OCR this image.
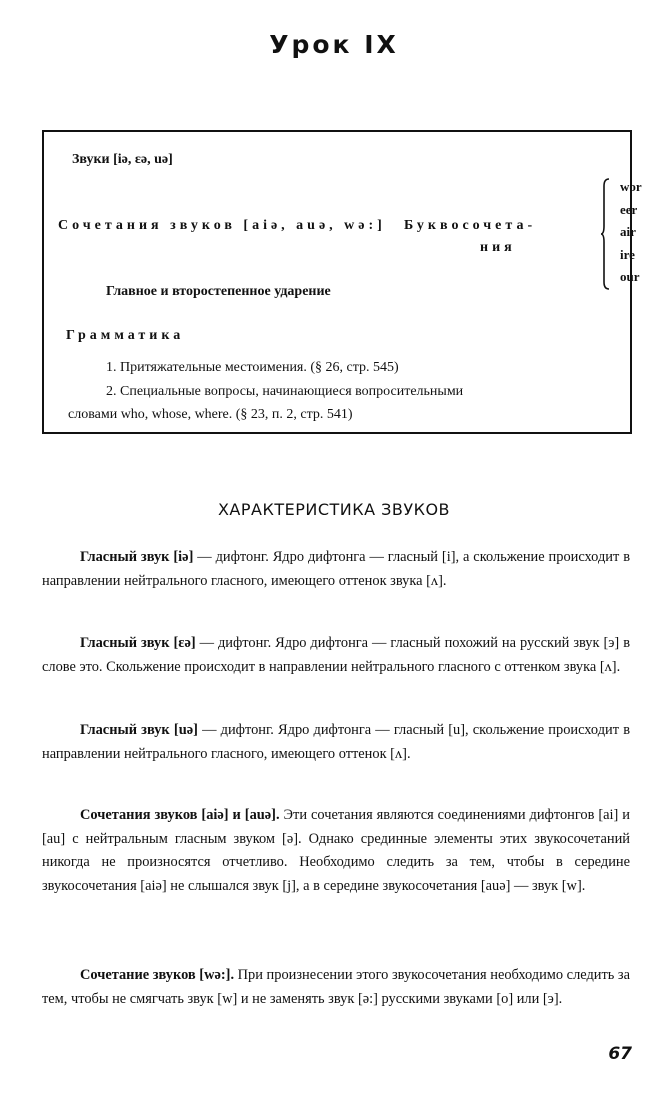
Урок IX
Звуки [iə, ɛə, uə]
Сочетания звуков [aiə, auə, wə:] Буквосочета-
ния
wor
eer
air
ire
our
Главное и второстепенное ударение
Грамматика
1. Притяжательные местоимения. (§ 26, стр. 545)
2. Специальные вопросы, начинающиеся вопросительными
словами who, whose, where. (§ 23, п. 2, стр. 541)
ХАРАКТЕРИСТИКА ЗВУКОВ

Гласный звук [iə] — дифтонг. Ядро дифтонга — гласный [i], а скольжение происходит в направлении нейтрального гласного, имеющего оттенок звука [ʌ].

Гласный звук [ɛə] — дифтонг. Ядро дифтонга — гласный похожий на русский звук [э] в слове это. Скольжение происходит в направлении нейтрального гласного с оттенком звука [ʌ].

Гласный звук [uə] — дифтонг. Ядро дифтонга — гласный [u], скольжение происходит в направлении нейтрального гласного, имеющего оттенок [ʌ].

Сочетания звуков [aiə] и [auə]. Эти сочетания являются соединениями дифтонгов [ai] и [au] с нейтральным гласным звуком [ə]. Однако срединные элементы этих звукосочетаний никогда не произносятся отчетливо. Необходимо следить за тем, чтобы в середине звукосочетания [aiə] не слышался звук [j], а в середине звукосочетания [auə] — звук [w].

Сочетание звуков [wə:]. При произнесении этого звукосочетания необходимо следить за тем, чтобы не смягчать звук [w] и не заменять звук [ə:] русскими звуками [о] или [э].

67
